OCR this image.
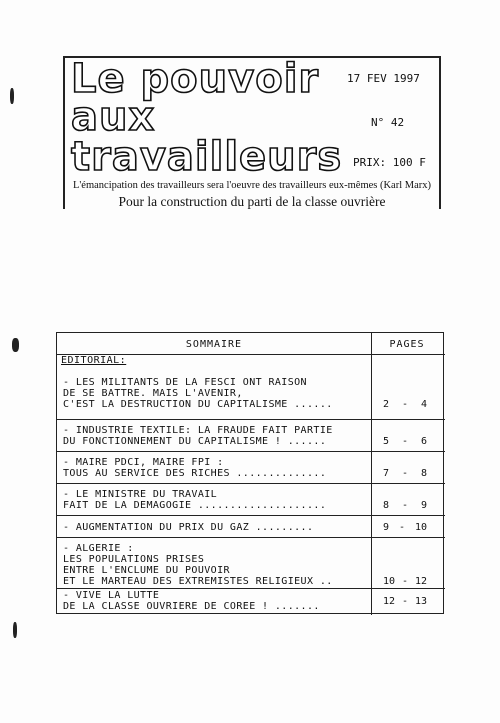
Le pouvoir
aux
travailleurs
17 FEV 1997
N° 42
PRIX: 100 F
L'émancipation des travailleurs sera l'oeuvre des travailleurs eux-mêmes (Karl Marx)
Pour la construction du parti de la classe ouvrière
SOMMAIRE	PAGES
EDITORIAL:
- LES MILITANTS DE LA FESCI ONT RAISON
DE SE BATTRE. MAIS L'AVENIR,
C'EST LA DESTRUCTION DU CAPITALISME ......	2 - 4
- INDUSTRIE TEXTILE: LA FRAUDE FAIT PARTIE
DU FONCTIONNEMENT DU CAPITALISME ! ......	5 - 6
- MAIRE PDCI, MAIRE FPI :
TOUS AU SERVICE DES RICHES ..............	7 - 8
- LE MINISTRE DU TRAVAIL
FAIT DE LA DEMAGOGIE ....................	8 - 9
- AUGMENTATION DU PRIX DU GAZ .........	9 - 10
- ALGERIE :
LES POPULATIONS PRISES
ENTRE L'ENCLUME DU POUVOIR
ET LE MARTEAU DES EXTREMISTES RELIGIEUX ..	10 - 12
- VIVE LA LUTTE
DE LA CLASSE OUVRIERE DE COREE ! .......	12 - 13
